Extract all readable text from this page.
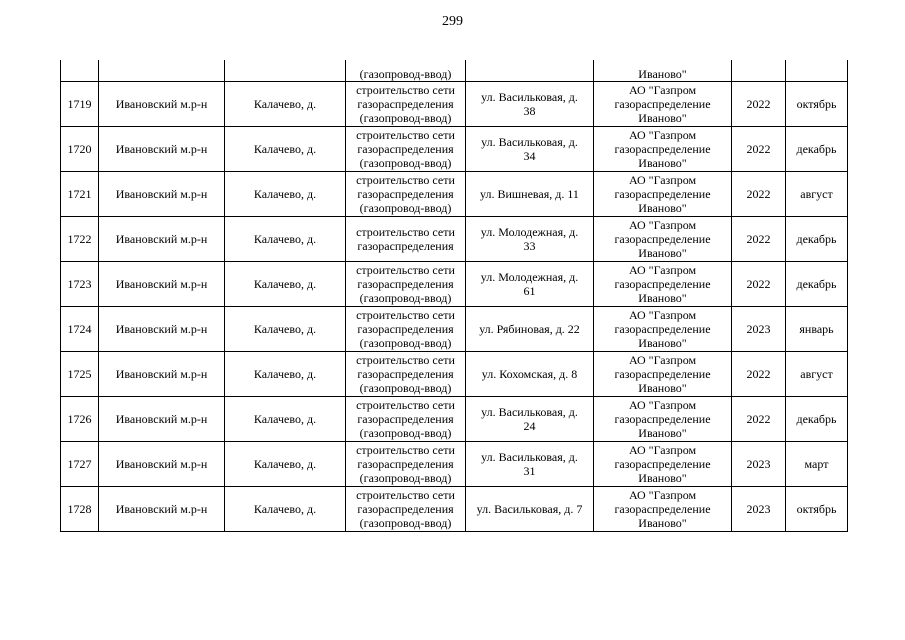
299
			(газопровод-ввод)		Иваново"		
1719	Ивановский м.р-н	Калачево, д.	строительство сети
газораспределения
(газопровод-ввод)	ул. Васильковая, д.
38	АО "Газпром
газораспределение
Иваново"	2022	октябрь
1720	Ивановский м.р-н	Калачево, д.	строительство сети
газораспределения
(газопровод-ввод)	ул. Васильковая, д.
34	АО "Газпром
газораспределение
Иваново"	2022	декабрь
1721	Ивановский м.р-н	Калачево, д.	строительство сети
газораспределения
(газопровод-ввод)	ул. Вишневая, д. 11	АО "Газпром
газораспределение
Иваново"	2022	август
1722	Ивановский м.р-н	Калачево, д.	строительство сети
газораспределения	ул. Молодежная, д.
33	АО "Газпром
газораспределение
Иваново"	2022	декабрь
1723	Ивановский м.р-н	Калачево, д.	строительство сети
газораспределения
(газопровод-ввод)	ул. Молодежная, д.
61	АО "Газпром
газораспределение
Иваново"	2022	декабрь
1724	Ивановский м.р-н	Калачево, д.	строительство сети
газораспределения
(газопровод-ввод)	ул. Рябиновая, д. 22	АО "Газпром
газораспределение
Иваново"	2023	январь
1725	Ивановский м.р-н	Калачево, д.	строительство сети
газораспределения
(газопровод-ввод)	ул. Кохомская, д. 8	АО "Газпром
газораспределение
Иваново"	2022	август
1726	Ивановский м.р-н	Калачево, д.	строительство сети
газораспределения
(газопровод-ввод)	ул. Васильковая, д.
24	АО "Газпром
газораспределение
Иваново"	2022	декабрь
1727	Ивановский м.р-н	Калачево, д.	строительство сети
газораспределения
(газопровод-ввод)	ул. Васильковая, д.
31	АО "Газпром
газораспределение
Иваново"	2023	март
1728	Ивановский м.р-н	Калачево, д.	строительство сети
газораспределения
(газопровод-ввод)	ул. Васильковая, д. 7	АО "Газпром
газораспределение
Иваново"	2023	октябрь
